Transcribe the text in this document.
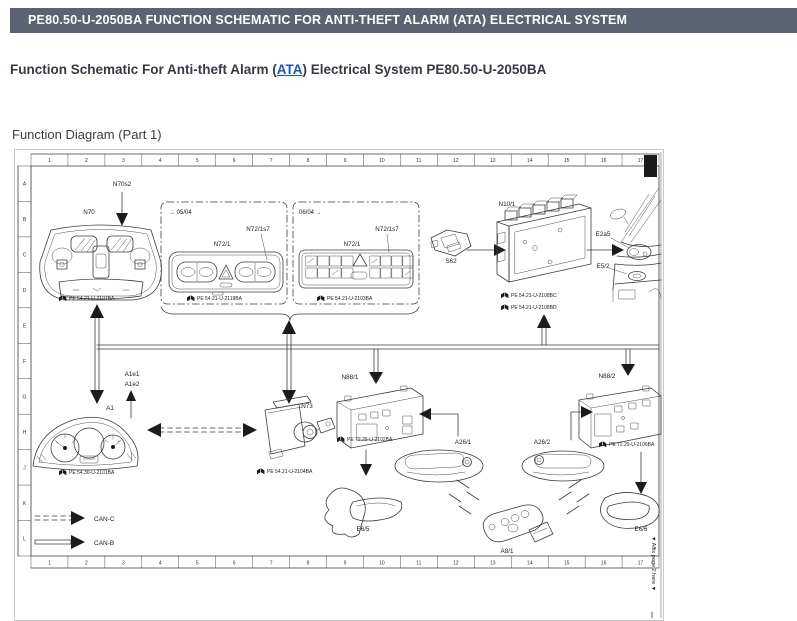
PE80.50-U-2050BA FUNCTION SCHEMATIC FOR ANTI-THEFT ALARM (ATA) ELECTRICAL SYSTEM

Function Schematic For Anti-theft Alarm (ATA) Electrical System PE80.50-U-2050BA

Function Diagram (Part 1)
1	2	3	4	5	6	7	8	9	10	11	12	13	14	15	16	17
A
B
C
D
E
F
G
H
J
K
L
1	2	3	4	5	6	7	8	9	10	11	12	13	14	15	16	17
→ 05/04	06/04 →
CAN-C
CAN-B	▼ Affix page 2 here ▼
N70s2
N70
N72/1
N72/1s7
N72/1
N72/1s7
S62
N10/1
E2a5
E5/2
A1e1
A1e2
A1	N73
N88/1	N88/2
A26/1	A26/2
E6/5	E6/6
A8/1
PE 54.21-U-2107BA	PE 54.21-U-2119BA	PE 54.21-U-2103BA	PE 54.21-U-2108BC
PE 54.21-U-2108BD
PE 54.30-U-2101BA	PE 54.21-U-2104BA
PE 72.29-U-2102BA
PE 72.29-U-2106BA
